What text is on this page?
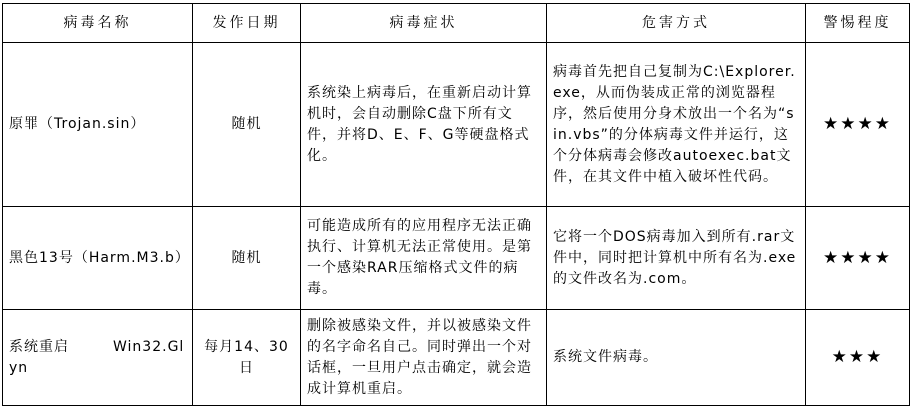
病毒名称	发作日期	病毒症状	危害方式	警惕程度
原罪（Trojan.sin）	随机	系统染上病毒后，在重新启动计算机时，会自动删除C盘下所有文件，并将D、E、F、G等硬盘格式化。	病毒首先把自己复制为C:\Explorer.exe，从而伪装成正常的浏览器程序，然后使用分身术放出一个名为“sin.vbs”的分体病毒文件并运行，这个分体病毒会修改autoexec.bat文件，在其文件中植入破坏性代码。	★★★★
黑色13号（Harm.M3.b）	随机	可能造成所有的应用程序无法正确执行、计算机无法正常使用。是第一个感染RAR压缩格式文件的病毒。	它将一个DOS病毒加入到所有.rar文件中，同时把计算机中所有名为.exe的文件改名为.com。	★★★★
系统重启 Win32.Glyn	每月14、30日	删除被感染文件，并以被感染文件的名字命名自己。同时弹出一个对话框，一旦用户点击确定，就会造成计算机重启。	系统文件病毒。	★★★
